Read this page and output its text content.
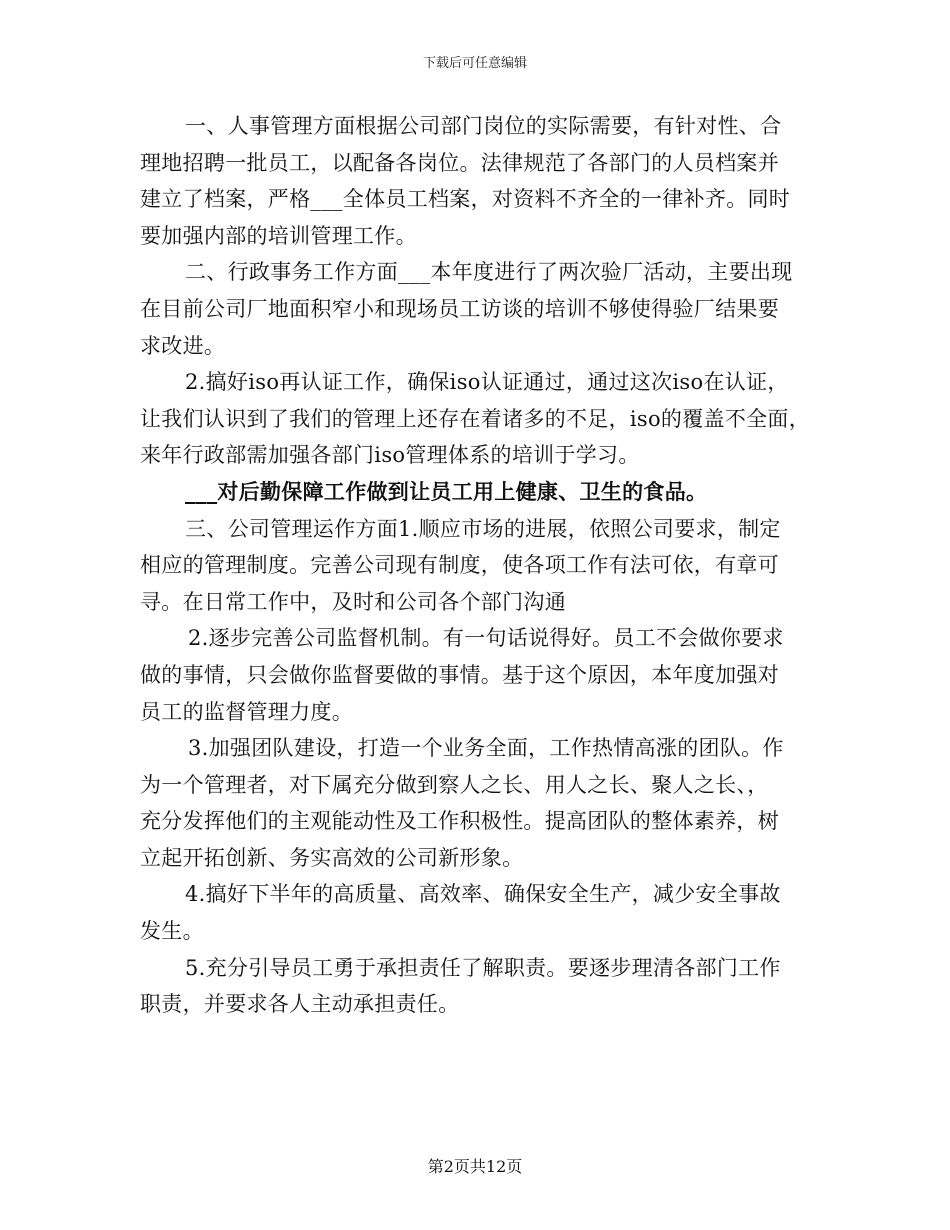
下载后可任意编辑
一、人事管理方面根据公司部门岗位的实际需要，有针对性、合
理地招聘一批员工，以配备各岗位。法律规范了各部门的人员档案并
建立了档案，严格___全体员工档案，对资料不齐全的一律补齐。同时
要加强内部的培训管理工作。
二、行政事务工作方面___本年度进行了两次验厂活动，主要出现
在目前公司厂地面积窄小和现场员工访谈的培训不够使得验厂结果要
求改进。
2.搞好iso再认证工作，确保iso认证通过，通过这次iso在认证，
让我们认识到了我们的管理上还存在着诸多的不足，iso的覆盖不全面，
来年行政部需加强各部门iso管理体系的培训于学习。
___对后勤保障工作做到让员工用上健康、卫生的食品。
三、公司管理运作方面1.顺应市场的进展，依照公司要求，制定
相应的管理制度。完善公司现有制度，使各项工作有法可依，有章可
寻。在日常工作中，及时和公司各个部门沟通
2.逐步完善公司监督机制。有一句话说得好。员工不会做你要求
做的事情，只会做你监督要做的事情。基于这个原因，本年度加强对
员工的监督管理力度。
3.加强团队建设，打造一个业务全面，工作热情高涨的团队。作
为一个管理者，对下属充分做到察人之长、用人之长、聚人之长、，
充分发挥他们的主观能动性及工作积极性。提高团队的整体素养，树
立起开拓创新、务实高效的公司新形象。
4.搞好下半年的高质量、高效率、确保安全生产，减少安全事故
发生。
5.充分引导员工勇于承担责任了解职责。要逐步理清各部门工作
职责，并要求各人主动承担责任。
第2页共12页
